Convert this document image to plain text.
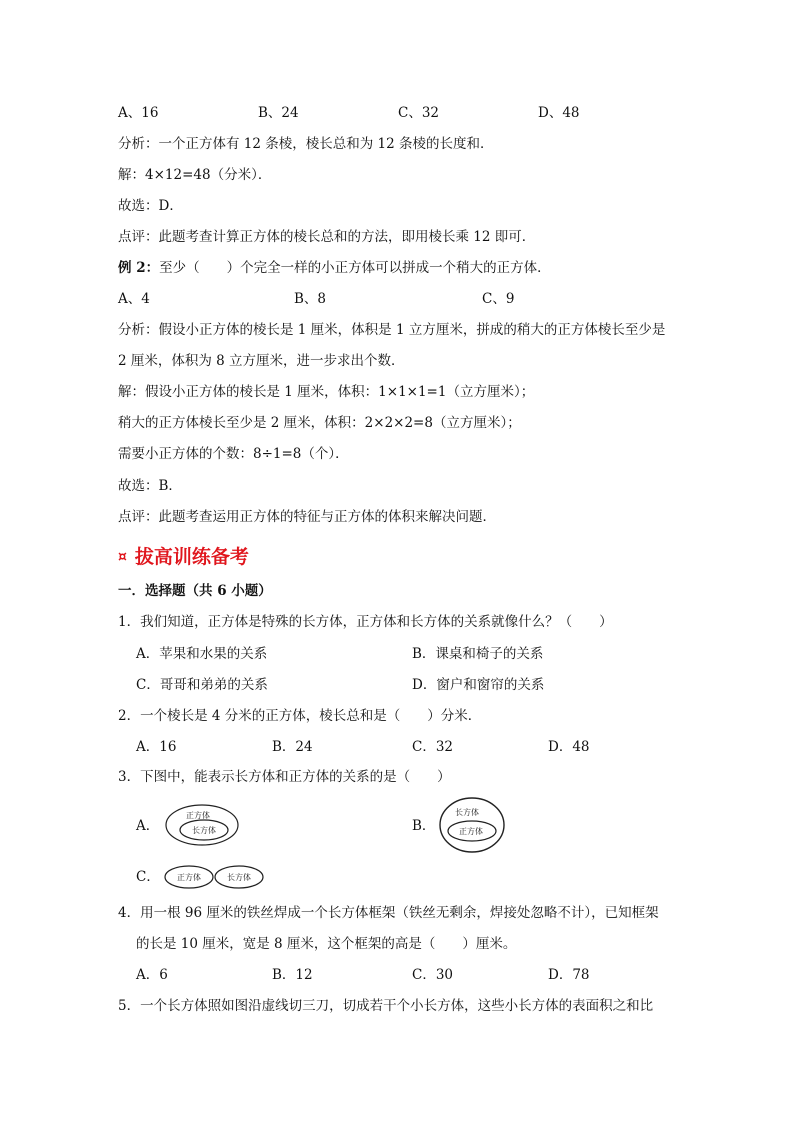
A、16	B、24	C、32	D、48
分析：一个正方体有 12 条棱，棱长总和为 12 条棱的长度和．
解：4×12=48（分米）．
故选：D．
点评：此题考查计算正方体的棱长总和的方法，即用棱长乘 12 即可．
例 2：至少（　　）个完全一样的小正方体可以拼成一个稍大的正方体．
A、4	B、8	C、9
分析：假设小正方体的棱长是 1 厘米，体积是 1 立方厘米，拼成的稍大的正方体棱长至少是
2 厘米，体积为 8 立方厘米，进一步求出个数．
解：假设小正方体的棱长是 1 厘米，体积：1×1×1=1（立方厘米）；
稍大的正方体棱长至少是 2 厘米，体积：2×2×2=8（立方厘米）；
需要小正方体的个数：8÷1=8（个）．
故选：B．
点评：此题考查运用正方体的特征与正方体的体积来解决问题．
¤ 拔高训练备考
一．选择题（共 6 小题）
1．我们知道，正方体是特殊的长方体，正方体和长方体的关系就像什么？（　　）
A．苹果和水果的关系	B．课桌和椅子的关系
C．哥哥和弟弟的关系	D．窗户和窗帘的关系
2．一个棱长是 4 分米的正方体，棱长总和是（　　）分米．
A．16	B．24	C．32	D．48
3．下图中，能表示长方体和正方体的关系的是（　　）
A．
正方体
长方体	B．
长方体
正方体
C． 正方体	长方体
4．用一根 96 厘米的铁丝焊成一个长方体框架（铁丝无剩余，焊接处忽略不计），已知框架
的长是 10 厘米，宽是 8 厘米，这个框架的高是（　　）厘米。
A．6	B．12	C．30	D．78
5．一个长方体照如图沿虚线切三刀，切成若干个小长方体，这些小长方体的表面积之和比
